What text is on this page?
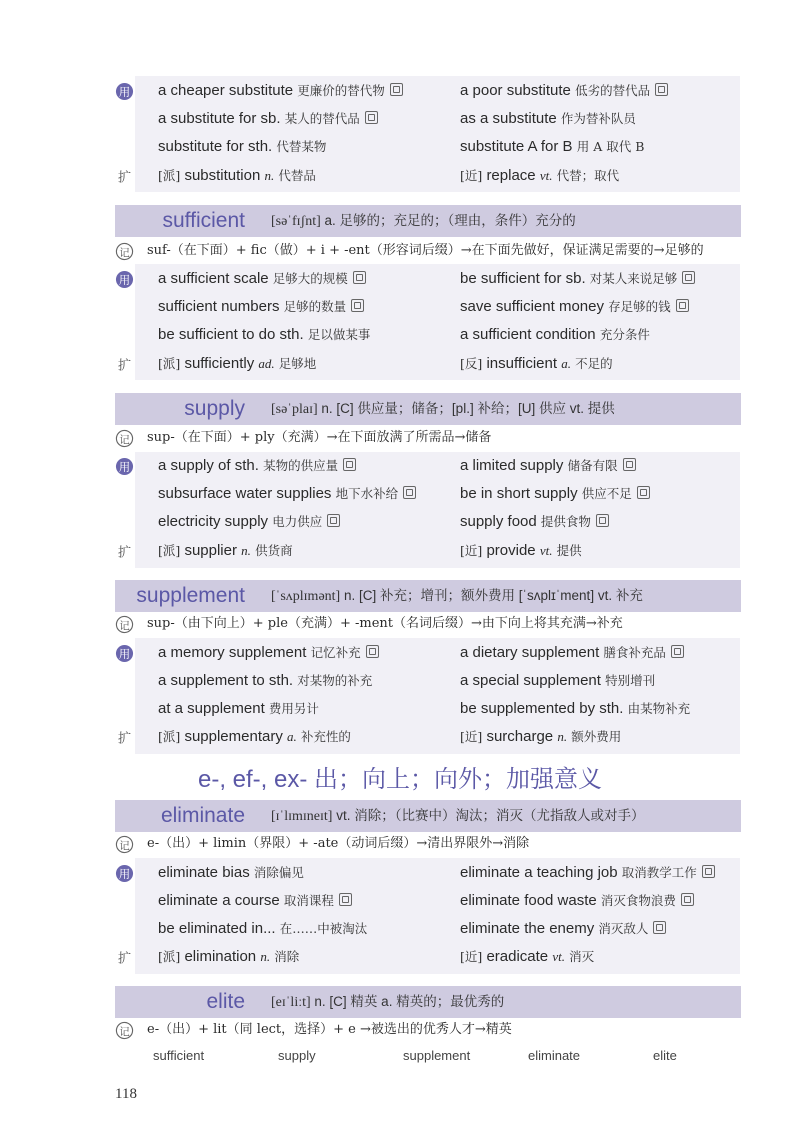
用 a cheaper substitute 更廉价的替代物	a poor substitute 低劣的替代品
a substitute for sb. 某人的替代品	as a substitute 作为替补队员
substitute for sth. 代替某物	substitute A for B 用 A 取代 B
扩 [派] substitution n. 代替品	[近] replace vt. 代替；取代
sufficient [səˈfɪʃnt] a. 足够的；充足的；（理由，条件）充分的
记 suf-（在下面）+ fic（做）+ i + -ent（形容词后缀）→在下面先做好，保证满足需要的→足够的
用 a sufficient scale 足够大的规模	be sufficient for sb. 对某人来说足够
sufficient numbers 足够的数量	save sufficient money 存足够的钱
be sufficient to do sth. 足以做某事	a sufficient condition 充分条件
扩 [派] sufficiently ad. 足够地	[反] insufficient a. 不足的
supply [səˈplaɪ] n. [C] 供应量；储备；[pl.] 补给；[U] 供应 vt. 提供
记 sup-（在下面）+ ply（充满）→在下面放满了所需品→储备
用 a supply of sth. 某物的供应量	a limited supply 储备有限
subsurface water supplies 地下水补给	be in short supply 供应不足
electricity supply 电力供应	supply food 提供食物
扩 [派] supplier n. 供货商	[近] provide vt. 提供
supplement [ˈsʌplɪmənt] n. [C] 补充；增刊；额外费用 [ˈsʌplɪˈment] vt. 补充
记 sup-（由下向上）+ ple（充满）+ -ment（名词后缀）→由下向上将其充满→补充
用 a memory supplement 记忆补充	a dietary supplement 膳食补充品
a supplement to sth. 对某物的补充	a special supplement 特别增刊
at a supplement 费用另计	be supplemented by sth. 由某物补充
扩 [派] supplementary a. 补充性的	[近] surcharge n. 额外费用
e-, ef-, ex- 出；向上；向外；加强意义
eliminate [ɪˈlɪmɪneɪt] vt. 消除；（比赛中）淘汰；消灭（尤指敌人或对手）
记 e-（出）+ limin（界限）+ -ate（动词后缀）→清出界限外→消除
用 eliminate bias 消除偏见	eliminate a teaching job 取消教学工作
eliminate a course 取消课程	eliminate food waste 消灭食物浪费
be eliminated in... 在……中被淘汰	eliminate the enemy 消灭敌人
扩 [派] elimination n. 消除	[近] eradicate vt. 消灭
elite [eɪˈliːt] n. [C] 精英 a. 精英的；最优秀的
记 e-（出）+ lit（同 lect，选择）+ e →被选出的优秀人才→精英
sufficient	supply	supplement	eliminate	elite
118
